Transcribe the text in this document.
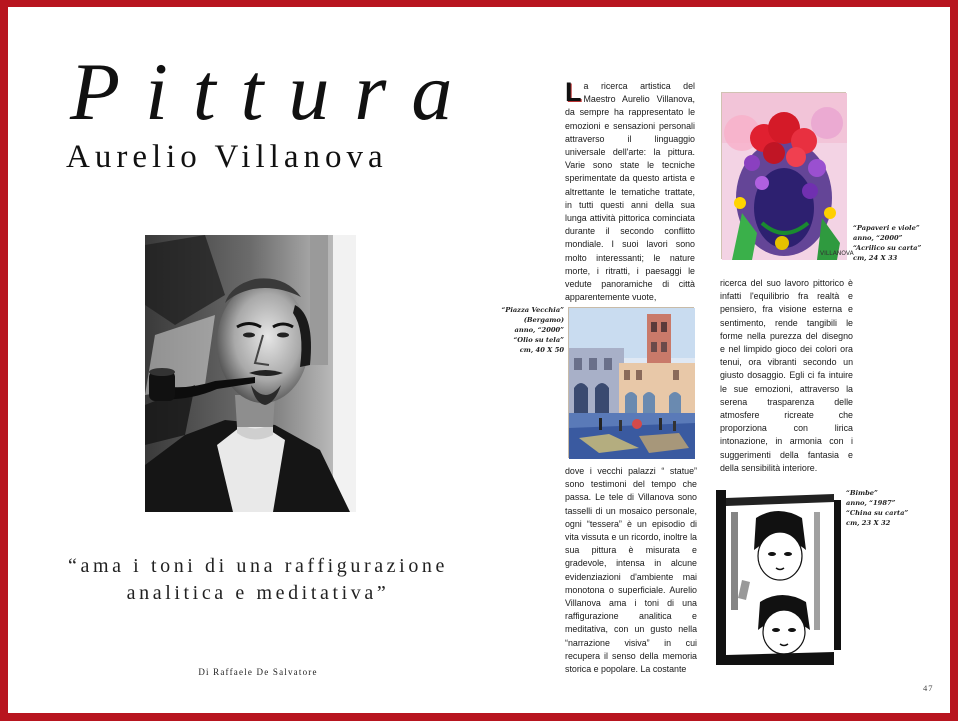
Pittura
Aurelio Villanova
“ama i toni di una raffigurazione analitica e meditativa”
Di Raffaele De Salvatore
La ricerca artistica del Maestro Aurelio Villanova, da sempre ha rappresentato le emozioni e sensazioni personali attraverso il linguaggio universale dell'arte: la pittura. Varie sono state le tecniche sperimentate da questo artista e altrettante le tematiche trattate, in tutti questi anni della sua lunga attività pittorica cominciata durante il secondo conflitto mondiale. I suoi lavori sono molto interessanti; le nature morte, i ritratti, i paesaggi le vedute panoramiche di città apparentemente vuote,
VILLANOVA
“Papaveri e viole”
anno, “2000”
“Acrilico su carta”
cm, 24 X 33
“Piazza Vecchia”
(Bergamo)
anno, “2000”
“Olio su tela”
cm, 40 X 50
dove i vecchi palazzi “ statue” sono testimoni del tempo che passa. Le tele di Villanova sono tasselli di un mosaico personale, ogni “tessera” è un episodio di vita vissuta e un ricordo, inoltre la sua pittura è misurata e gradevole, intensa in alcune evidenziazioni d'ambiente mai monotona o superficiale. Aurelio Villanova ama i toni di una raffigurazione analitica e meditativa, con un gusto nella “narrazione visiva” in cui recupera il senso della memoria storica e popolare. La costante
ricerca del suo lavoro pittorico è infatti l'equilibrio fra realtà e pensiero, fra visione esterna e sentimento, rende tangibili le forme nella purezza del disegno e nel limpido gioco dei colori ora tenui, ora vibranti secondo un giusto dosaggio. Egli ci fa intuire le sue emozioni, attraverso la serena trasparenza delle atmosfere ricreate che proporziona con lirica intonazione, in armonia con i suggerimenti della fantasia e della sensibilità interiore.
“Bimbe”
anno, “1987”
“China su carta”
cm, 23 X 32
47
